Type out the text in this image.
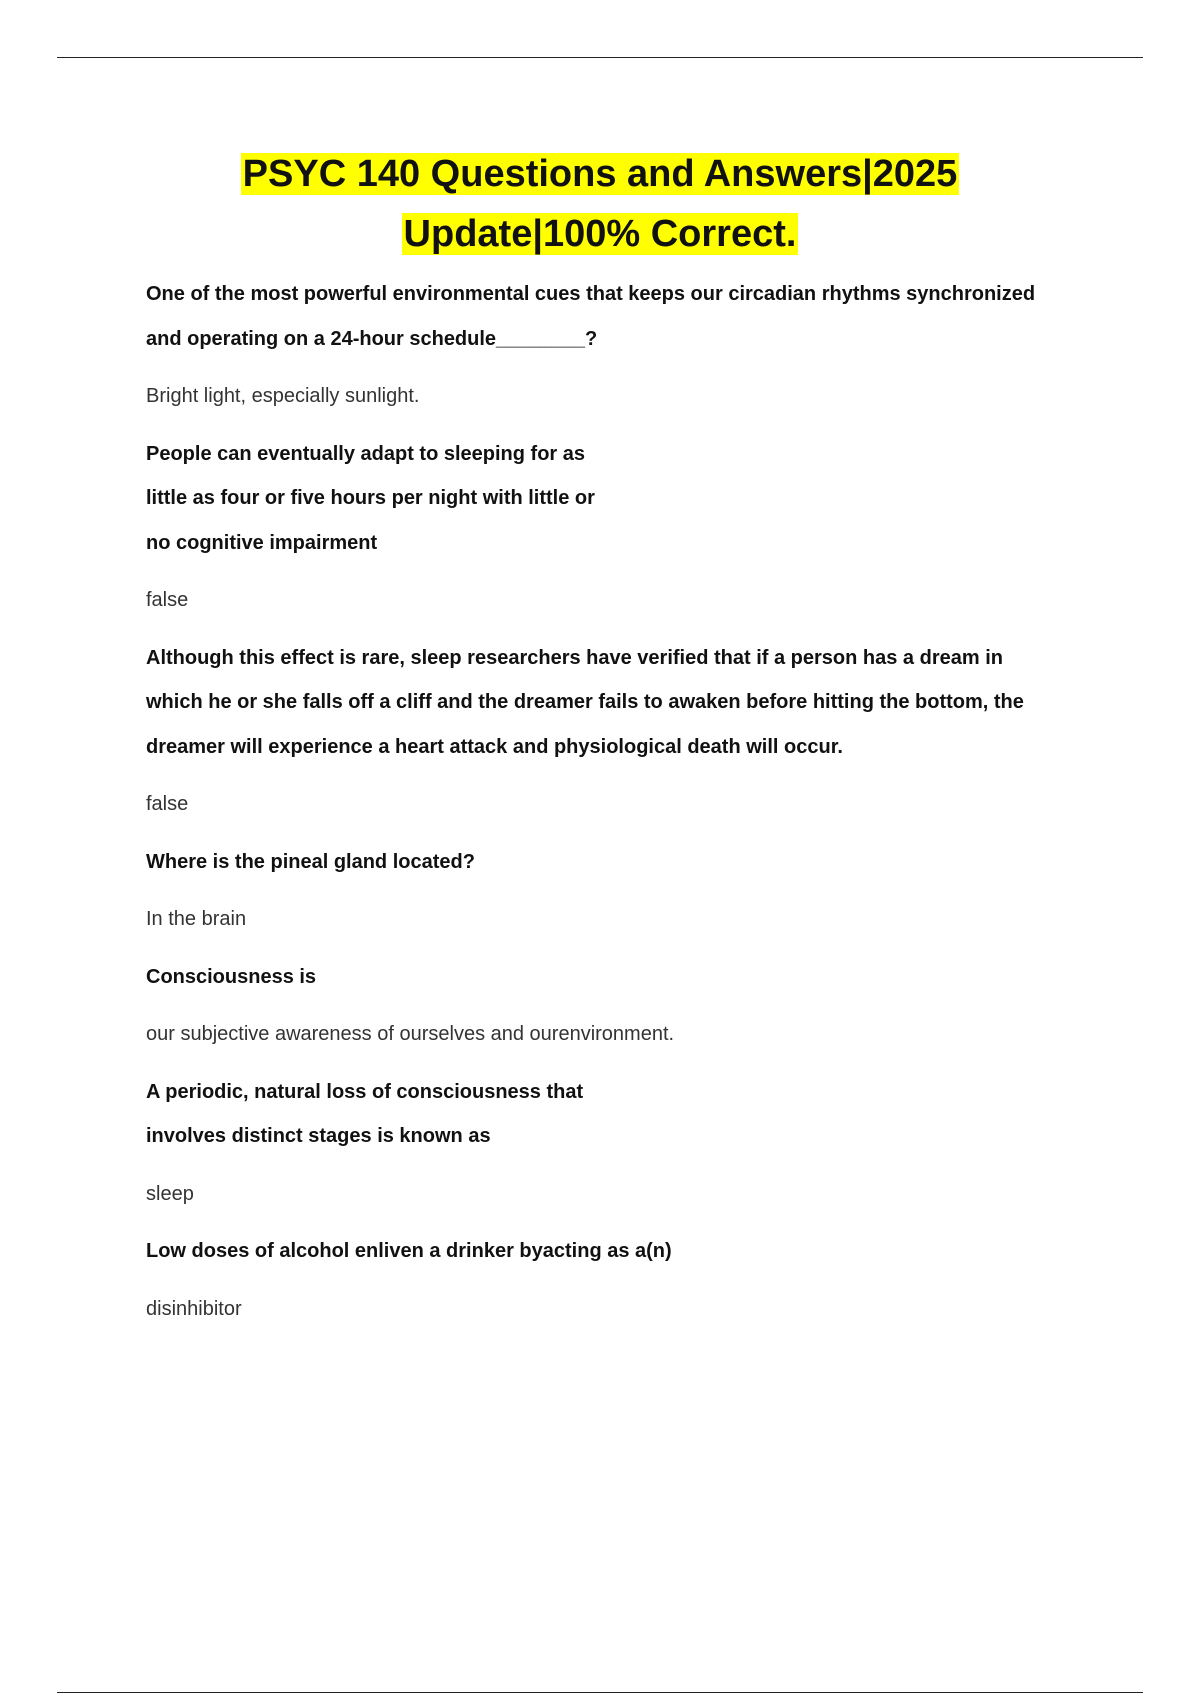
PSYC 140 Questions and Answers|2025
Update|100% Correct.

One of the most powerful environmental cues that keeps our circadian rhythms synchronized
and operating on a 24-hour schedule________?

Bright light, especially sunlight.

People can eventually adapt to sleeping for as
little as four or five hours per night with little or
no cognitive impairment

false

Although this effect is rare, sleep researchers have verified that if a person has a dream in
which he or she falls off a cliff and the dreamer fails to awaken before hitting the bottom, the
dreamer will experience a heart attack and physiological death will occur.

false

Where is the pineal gland located?

In the brain

Consciousness is

our subjective awareness of ourselves and ourenvironment.

A periodic, natural loss of consciousness that
involves distinct stages is known as

sleep

Low doses of alcohol enliven a drinker byacting as a(n)

disinhibitor
